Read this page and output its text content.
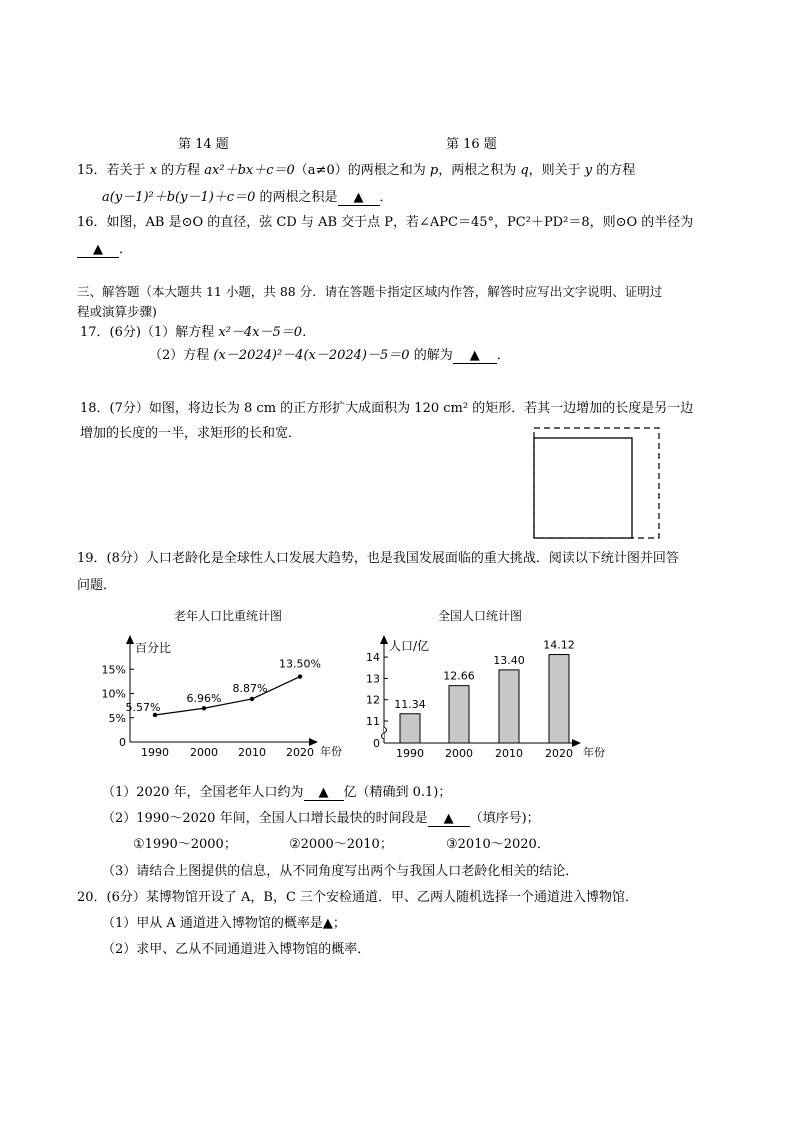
第 14 题	第 16 题
15．若关于 x 的方程 ax²＋bx＋c＝0（a≠0）的两根之和为 p，两根之积为 q，则关于 y 的方程
a(y－1)²＋b(y－1)＋c＝0 的两根之积是 ▲ ．
16．如图，AB 是⊙O 的直径，弦 CD 与 AB 交于点 P，若∠APC＝45°，PC²＋PD²＝8，则⊙O 的半径为
▲ ．
三、解答题（本大题共 11 小题，共 88 分．请在答题卡指定区域内作答，解答时应写出文字说明、证明过
程或演算步骤)
17．(6分)（1）解方程 x²－4x－5＝0．
（2）方程 (x－2024)²－4(x－2024)－5＝0 的解为 ▲ ．
18．(7分）如图，将边长为 8 cm 的正方形扩大成面积为 120 cm² 的矩形．若其一边增加的长度是另一边
增加的长度的一半，求矩形的长和宽．
19．(8分）人口老龄化是全球性人口发展大趋势，也是我国发展面临的重大挑战．阅读以下统计图并回答
问题．
老年人口比重统计图
百分比
年份
0
5%
10%
15%
1990 2000 2010 2020
5.57%
6.96%
8.87%
13.50%
全国人口统计图
人口/亿
年份
0
11
12
13
14
1990 2000 2010 2020
11.34
12.66
13.40
14.12
（1）2020 年，全国老年人口约为 ▲ 亿（精确到 0.1)；
（2）1990～2020 年间，全国人口增长最快的时间段是 ▲ （填序号)；
①1990～2000；	②2000～2010；	③2010～2020．
（3）请结合上图提供的信息，从不同角度写出两个与我国人口老龄化相关的结论．
20．(6分）某博物馆开设了 A，B，C 三个安检通道．甲、乙两人随机选择一个通道进入博物馆．
（1）甲从 A 通道进入博物馆的概率是▲；
（2）求甲、乙从不同通道进入博物馆的概率．
